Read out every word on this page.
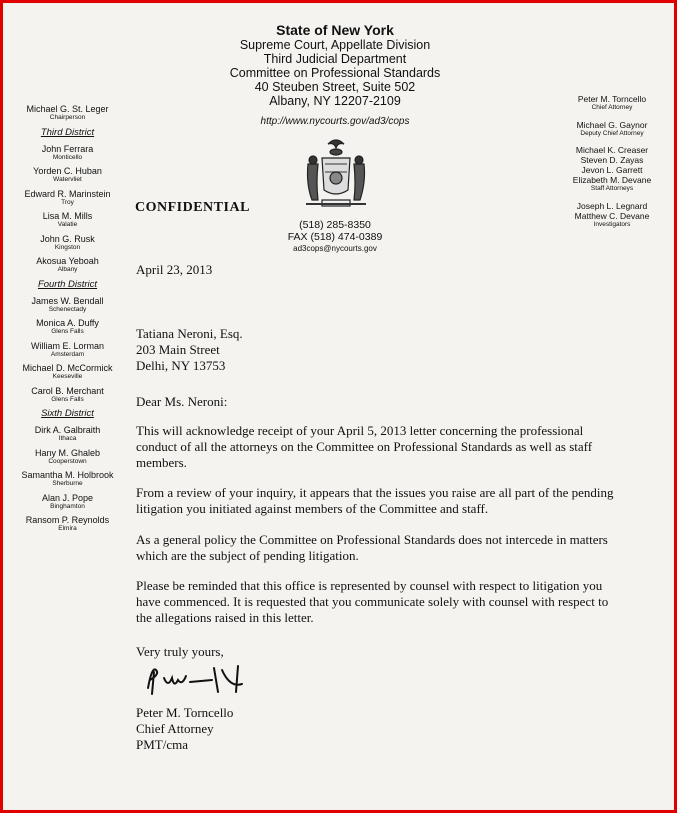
State of New York
Supreme Court, Appellate Division
Third Judicial Department
Committee on Professional Standards
40 Steuben Street, Suite 502
Albany, NY 12207-2109
http://www.nycourts.gov/ad3/cops
(518) 285-8350
FAX (518) 474-0389
ad3cops@nycourts.gov
CONFIDENTIAL
Michael G. St. Leger
Chairperson
Third District
John Ferrara
Monticello
Yorden C. Huban
Watervliet
Edward R. Marinstein
Troy
Lisa M. Mills
Valatie
John G. Rusk
Kingston
Akosua Yeboah
Albany
Fourth District
James W. Bendall
Schenectady
Monica A. Duffy
Glens Falls
William E. Lorman
Amsterdam
Michael D. McCormick
Keeseville
Carol B. Merchant
Glens Falls
Sixth District
Dirk A. Galbraith
Ithaca
Hany M. Ghaleb
Cooperstown
Samantha M. Holbrook
Sherburne
Alan J. Pope
Binghamton
Ransom P. Reynolds
Elmira
Peter M. Torncello
Chief Attorney
Michael G. Gaynor
Deputy Chief Attorney
Michael K. Creaser
Steven D. Zayas
Jevon L. Garrett
Elizabeth M. Devane
Staff Attorneys
Joseph L. Legnard
Matthew C. Devane
Investigators
April 23, 2013
Tatiana Neroni, Esq.
203 Main Street
Delhi, NY 13753
Dear Ms. Neroni:
This will acknowledge receipt of your April 5, 2013 letter concerning the professional conduct of all the attorneys on the Committee on Professional Standards as well as staff members.
From a review of your inquiry, it appears that the issues you raise are all part of the pending litigation you initiated against members of the Committee and staff.
As a general policy the Committee on Professional Standards does not intercede in matters which are the subject of pending litigation.
Please be reminded that this office is represented by counsel with respect to litigation you have commenced. It is requested that you communicate solely with counsel with respect to the allegations raised in this letter.
Very truly yours,
Peter M. Torncello
Chief Attorney
PMT/cma
